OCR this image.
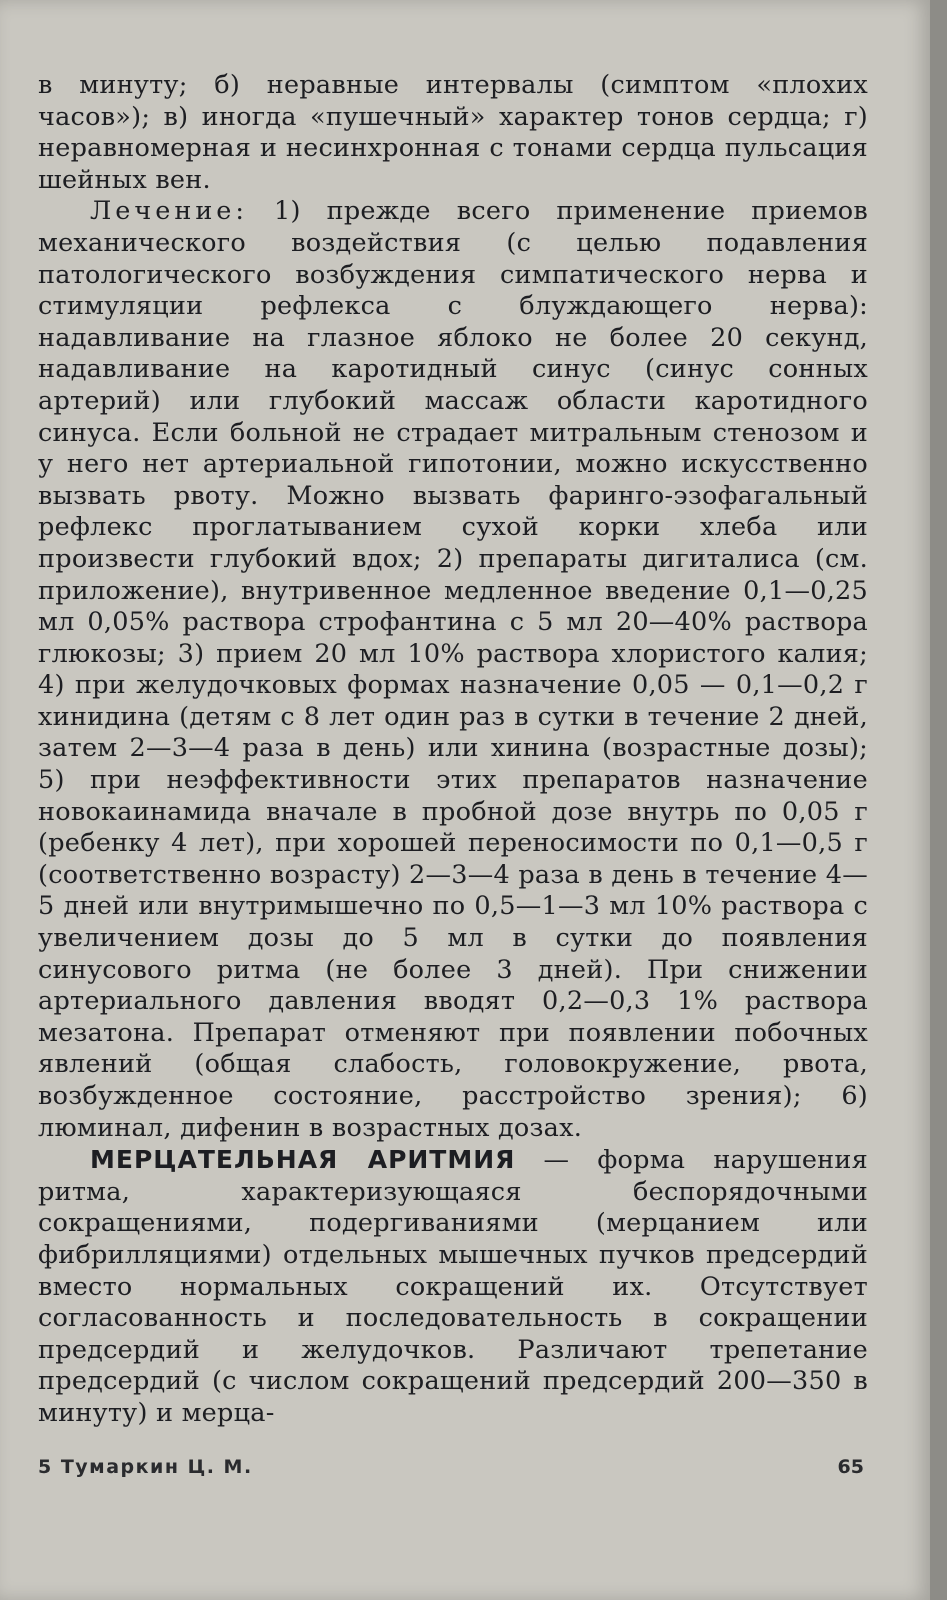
в минуту; б) неравные интервалы (симптом «плохих часов»); в) иногда «пушечный» характер тонов сердца; г) неравномерная и несинхронная с тонами сердца пульсация шейных вен.

Лечение: 1) прежде всего применение приемов механического воздействия (с целью подавления патологического возбуждения симпатического нерва и стимуляции рефлекса с блуждающего нерва): надавливание на глазное яблоко не более 20 секунд, надавливание на каротидный синус (синус сонных артерий) или глубокий массаж области каротидного синуса. Если больной не страдает митральным стенозом и у него нет артериальной гипотонии, можно искусственно вызвать рвоту. Можно вызвать фаринго-эзофагальный рефлекс проглатыванием сухой корки хлеба или произвести глубокий вдох; 2) препараты дигиталиса (см. приложение), внутривенное медленное введение 0,1—0,25 мл 0,05% раствора строфантина с 5 мл 20—40% раствора глюкозы; 3) прием 20 мл 10% раствора хлористого калия; 4) при желудочковых формах назначение 0,05 — 0,1—0,2 г хинидина (детям с 8 лет один раз в сутки в течение 2 дней, затем 2—3—4 раза в день) или хинина (возрастные дозы); 5) при неэффективности этих препаратов назначение новокаинамида вначале в пробной дозе внутрь по 0,05 г (ребенку 4 лет), при хорошей переносимости по 0,1—0,5 г (соответственно возрасту) 2—3—4 раза в день в течение 4—5 дней или внутримышечно по 0,5—1—3 мл 10% раствора с увеличением дозы до 5 мл в сутки до появления синусового ритма (не более 3 дней). При снижении артериального давления вводят 0,2—0,3 1% раствора мезатона. Препарат отменяют при появлении побочных явлений (общая слабость, головокружение, рвота, возбужденное состояние, расстройство зрения); 6) люминал, дифенин в возрастных дозах.

МЕРЦАТЕЛЬНАЯ АРИТМИЯ — форма нарушения ритма, характеризующаяся беспорядочными сокращениями, подергиваниями (мерцанием или фибрилляциями) отдельных мышечных пучков предсердий вместо нормальных сокращений их. Отсутствует согласованность и последовательность в сокращении предсердий и желудочков. Различают трепетание предсердий (с числом сокращений предсердий 200—350 в минуту) и мерца-

5 Тумаркин Ц. М.	65
